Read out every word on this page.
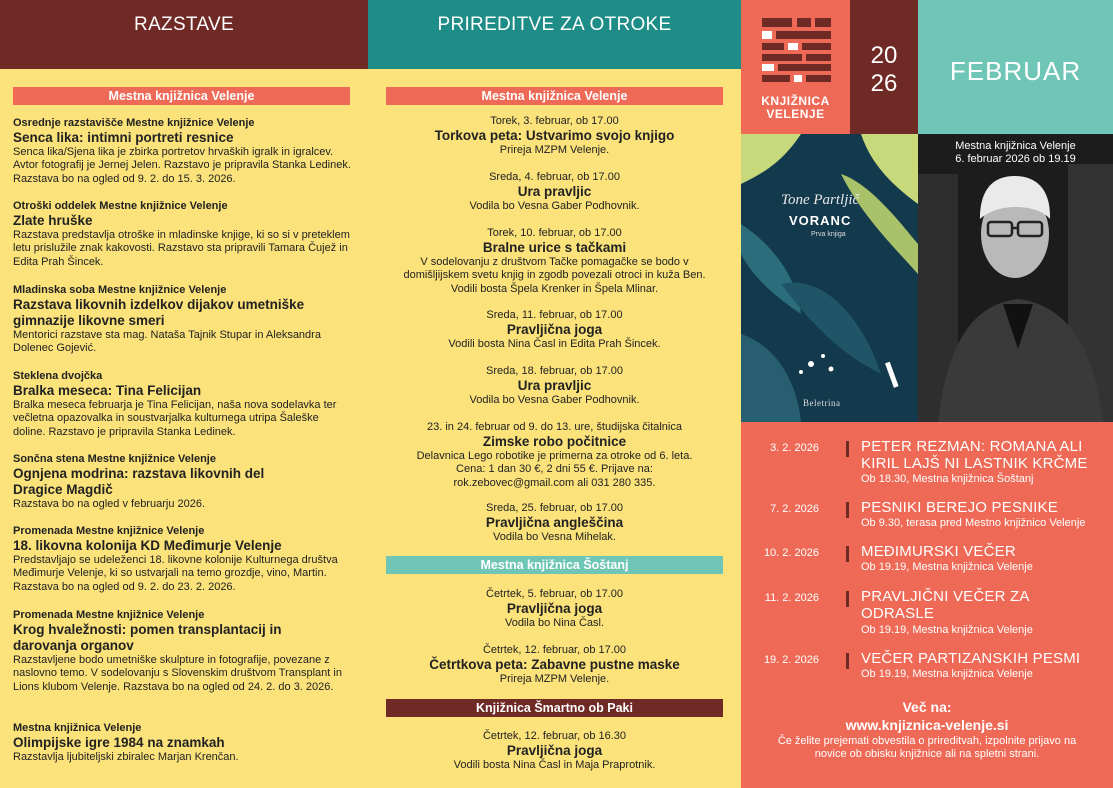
RAZSTAVE	PRIREDITVE ZA OTROKE
KNJIŽNICA
VELENJE
20
26	FEBRUAR
Mestna knjižnica Velenje
Osrednje razstavišče Mestne knjižnice Velenje
Senca lika: intimni portreti resnice
Senca lika/Sjena lika je zbirka portretov hrvaških igralk in igralcev. Avtor fotografij je Jernej Jelen. Razstavo je pripravila Stanka Ledinek. Razstava bo na ogled od 9. 2. do 15. 3. 2026.
Otroški oddelek Mestne knjižnice Velenje
Zlate hruške
Razstava predstavlja otroške in mladinske knjige, ki so si v preteklem letu prislužile znak kakovosti. Razstavo sta pripravili Tamara Čujež in Edita Prah Šincek.
Mladinska soba Mestne knjižnice Velenje
Razstava likovnih izdelkov dijakov umetniške gimnazije likovne smeri
Mentorici razstave sta mag. Nataša Tajnik Stupar in Aleksandra Dolenec Gojević.
Steklena dvojčka
Bralka meseca: Tina Felicijan
Bralka meseca februarja je Tina Felicijan, naša nova sodelavka ter večletna opazovalka in soustvarjalka kulturnega utripa Šaleške doline. Razstavo je pripravila Stanka Ledinek.
Sončna stena Mestne knjižnice Velenje
Ognjena modrina: razstava likovnih del Dragice Magdič
Razstava bo na ogled v februarju 2026.
Promenada Mestne knjižnice Velenje
18. likovna kolonija KD Međimurje Velenje
Predstavljajo se udeleženci 18. likovne kolonije Kulturnega društva Međimurje Velenje, ki so ustvarjali na temo grozdje, vino, Martin. Razstava bo na ogled od 9. 2. do 23. 2. 2026.
Promenada Mestne knjižnice Velenje
Krog hvaležnosti: pomen transplantacij in darovanja organov
Razstavljene bodo umetniške skulpture in fotografije, povezane z naslovno temo. V sodelovanju s Slovenskim društvom Transplant in Lions klubom Velenje. Razstava bo na ogled od 24. 2. do 3. 2026.
Mestna knjižnica Velenje
Olimpijske igre 1984 na znamkah
Razstavlja ljubiteljski zbiralec Marjan Krenčan.
Mestna knjižnica Velenje
Torek, 3. februar, ob 17.00
Torkova peta: Ustvarimo svojo knjigo
Prireja MZPM Velenje.
Sreda, 4. februar, ob 17.00
Ura pravljic
Vodila bo Vesna Gaber Podhovnik.
Torek, 10. februar, ob 17.00
Bralne urice s tačkami
V sodelovanju z društvom Tačke pomagačke se bodo v domišljijskem svetu knjig in zgodb povezali otroci in kuža Ben. Vodili bosta Špela Krenker in Špela Mlinar.
Sreda, 11. februar, ob 17.00
Pravljična joga
Vodili bosta Nina Časl in Edita Prah Šincek.
Sreda, 18. februar, ob 17.00
Ura pravljic
Vodila bo Vesna Gaber Podhovnik.
23. in 24. februar od 9. do 13. ure, študijska čitalnica
Zimske robo počitnice
Delavnica Lego robotike je primerna za otroke od 6. leta. Cena: 1 dan 30 €, 2 dni 55 €. Prijave na: rok.zebovec@gmail.com ali 031 280 335.
Sreda, 25. februar, ob 17.00
Pravljična angleščina
Vodila bo Vesna Mihelak.
Mestna knjižnica Šoštanj
Četrtek, 5. februar, ob 17.00
Pravljična joga
Vodila bo Nina Časl.
Četrtek, 12. februar, ob 17.00
Četrtkova peta: Zabavne pustne maske
Prireja MZPM Velenje.
Knjižnica Šmartno ob Paki
Četrtek, 12. februar, ob 16.30
Pravljična joga
Vodili bosta Nina Časl in Maja Praprotnik.
Tone Partljič
VORANC
Prva knjiga
Beletrina
Mestna knjižnica Velenje
6. februar 2026 ob 19.19
3. 2. 2026	PETER REZMAN: ROMANA ALI KIRIL LAJŠ NI LASTNIK KRČME
Ob 18.30, Mestna knjižnica Šoštanj
7. 2. 2026	PESNIKI BEREJO PESNIKE
Ob 9.30, terasa pred Mestno knjižnico Velenje
10. 2. 2026	MEĐIMURSKI VEČER
Ob 19.19, Mestna knjižnica Velenje
11. 2. 2026	PRAVLJIČNI VEČER ZA ODRASLE
Ob 19.19, Mestna knjižnica Velenje
19. 2. 2026	VEČER PARTIZANSKIH PESMI
Ob 19.19, Mestna knjižnica Velenje
Več na:
www.knjiznica-velenje.si
Če želite prejemati obvestila o prireditvah, izpolnite prijavo na novice ob obisku knjižnice ali na spletni strani.
